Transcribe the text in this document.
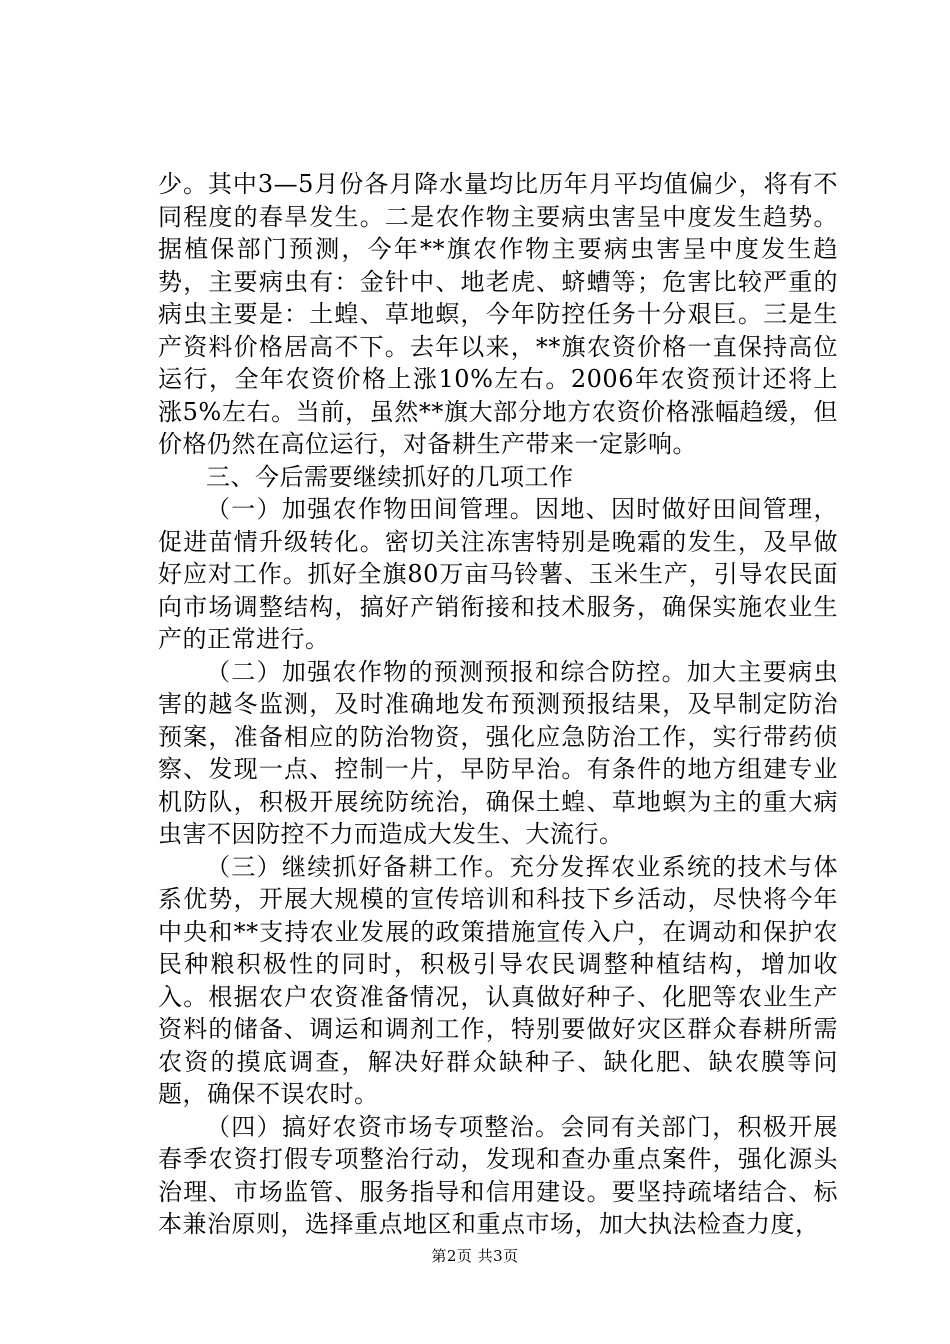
少。其中3—5月份各月降水量均比历年月平均值偏少，将有不同程度的春旱发生。二是农作物主要病虫害呈中度发生趋势。据植保部门预测，今年**旗农作物主要病虫害呈中度发生趋势，主要病虫有：金针中、地老虎、蛴螬等；危害比较严重的病虫主要是：土蝗、草地螟，今年防控任务十分艰巨。三是生产资料价格居高不下。去年以来，**旗农资价格一直保持高位运行，全年农资价格上涨10%左右。2006年农资预计还将上涨5%左右。当前，虽然**旗大部分地方农资价格涨幅趋缓，但价格仍然在高位运行，对备耕生产带来一定影响。

三、今后需要继续抓好的几项工作

（一）加强农作物田间管理。因地、因时做好田间管理，促进苗情升级转化。密切关注冻害特别是晚霜的发生，及早做好应对工作。抓好全旗80万亩马铃薯、玉米生产，引导农民面向市场调整结构，搞好产销衔接和技术服务，确保实施农业生产的正常进行。

（二）加强农作物的预测预报和综合防控。加大主要病虫害的越冬监测，及时准确地发布预测预报结果，及早制定防治预案，准备相应的防治物资，强化应急防治工作，实行带药侦察、发现一点、控制一片，早防早治。有条件的地方组建专业机防队，积极开展统防统治，确保土蝗、草地螟为主的重大病虫害不因防控不力而造成大发生、大流行。

（三）继续抓好备耕工作。充分发挥农业系统的技术与体系优势，开展大规模的宣传培训和科技下乡活动，尽快将今年中央和**支持农业发展的政策措施宣传入户，在调动和保护农民种粮积极性的同时，积极引导农民调整种植结构，增加收入。根据农户农资准备情况，认真做好种子、化肥等农业生产资料的储备、调运和调剂工作，特别要做好灾区群众春耕所需农资的摸底调查，解决好群众缺种子、缺化肥、缺农膜等问题，确保不误农时。

（四）搞好农资市场专项整治。会同有关部门，积极开展春季农资打假专项整治行动，发现和查办重点案件，强化源头治理、市场监管、服务指导和信用建设。要坚持疏堵结合、标本兼治原则，选择重点地区和重点市场，加大执法检查力度，

第2页 共3页
